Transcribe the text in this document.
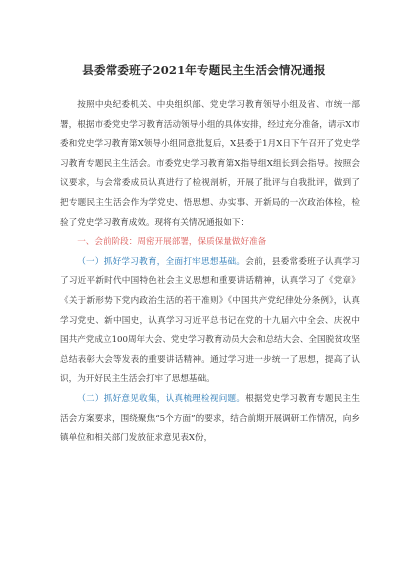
县委常委班子2021年专题民主生活会情况通报

按照中央纪委机关、中央组织部、党史学习教育领导小组及省、市统一部署，根据市委党史学习教育活动领导小组的具体安排，经过充分准备，请示X市委和党史学习教育第X领导小组同意批复后，X县委于1月X日下午召开了党史学习教育专题民主生活会。市委党史学习教育第X指导组X组长到会指导。按照会议要求，与会常委成员认真进行了检视剖析，开展了批评与自我批评，做到了把专题民主生活会作为学党史、悟思想、办实事、开新局的一次政治体检，检验了党史学习教育成效。现将有关情况通报如下：

一、会前阶段：周密开展部署，保质保量做好准备

（一）抓好学习教育，全面打牢思想基础。会前，县委常委班子认真学习了习近平新时代中国特色社会主义思想和重要讲话精神，认真学习了《党章》《关于新形势下党内政治生活的若干准则》《中国共产党纪律处分条例》，认真学习党史、新中国史，认真学习习近平总书记在党的十九届六中全会、庆祝中国共产党成立100周年大会、党史学习教育动员大会和总结大会、全国脱贫攻坚总结表彰大会等发表的重要讲话精神。通过学习进一步统一了思想，提高了认识，为开好民主生活会打牢了思想基础。

（二）抓好意见收集，认真梳理检视问题。根据党史学习教育专题民主生活会方案要求，围绕聚焦“5个方面”的要求，结合前期开展调研工作情况，向乡镇单位和相关部门发放征求意见表X份，
